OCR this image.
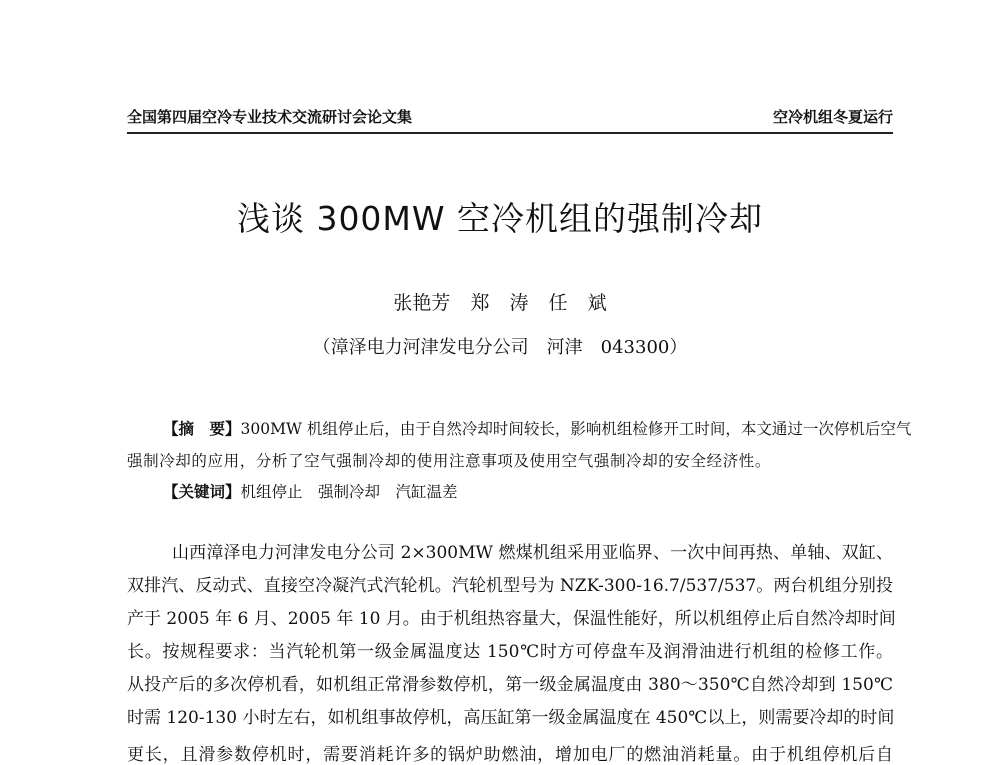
全国第四届空冷专业技术交流研讨会论文集	空冷机组冬夏运行
浅谈 300MW 空冷机组的强制冷却
张艳芳 郑 涛 任 斌
（漳泽电力河津发电分公司　河津　043300）
【摘　要】300MW 机组停止后，由于自然冷却时间较长，影响机组检修开工时间，本文通过一次停机后空气
强制冷却的应用，分析了空气强制冷却的使用注意事项及使用空气强制冷却的安全经济性。
【关键词】机组停止　强制冷却　汽缸温差
山西漳泽电力河津发电分公司 2×300MW 燃煤机组采用亚临界、一次中间再热、单轴、双缸、
双排汽、反动式、直接空冷凝汽式汽轮机。汽轮机型号为 NZK-300-16.7/537/537。两台机组分别投
产于 2005 年 6 月、2005 年 10 月。由于机组热容量大，保温性能好，所以机组停止后自然冷却时间
长。按规程要求：当汽轮机第一级金属温度达 150℃时方可停盘车及润滑油进行机组的检修工作。
从投产后的多次停机看，如机组正常滑参数停机，第一级金属温度由 380～350℃自然冷却到 150℃
时需 120-130 小时左右，如机组事故停机，高压缸第一级金属温度在 450℃以上，则需要冷却的时间
更长，且滑参数停机时，需要消耗许多的锅炉助燃油，增加电厂的燃油消耗量。由于机组停机后自
